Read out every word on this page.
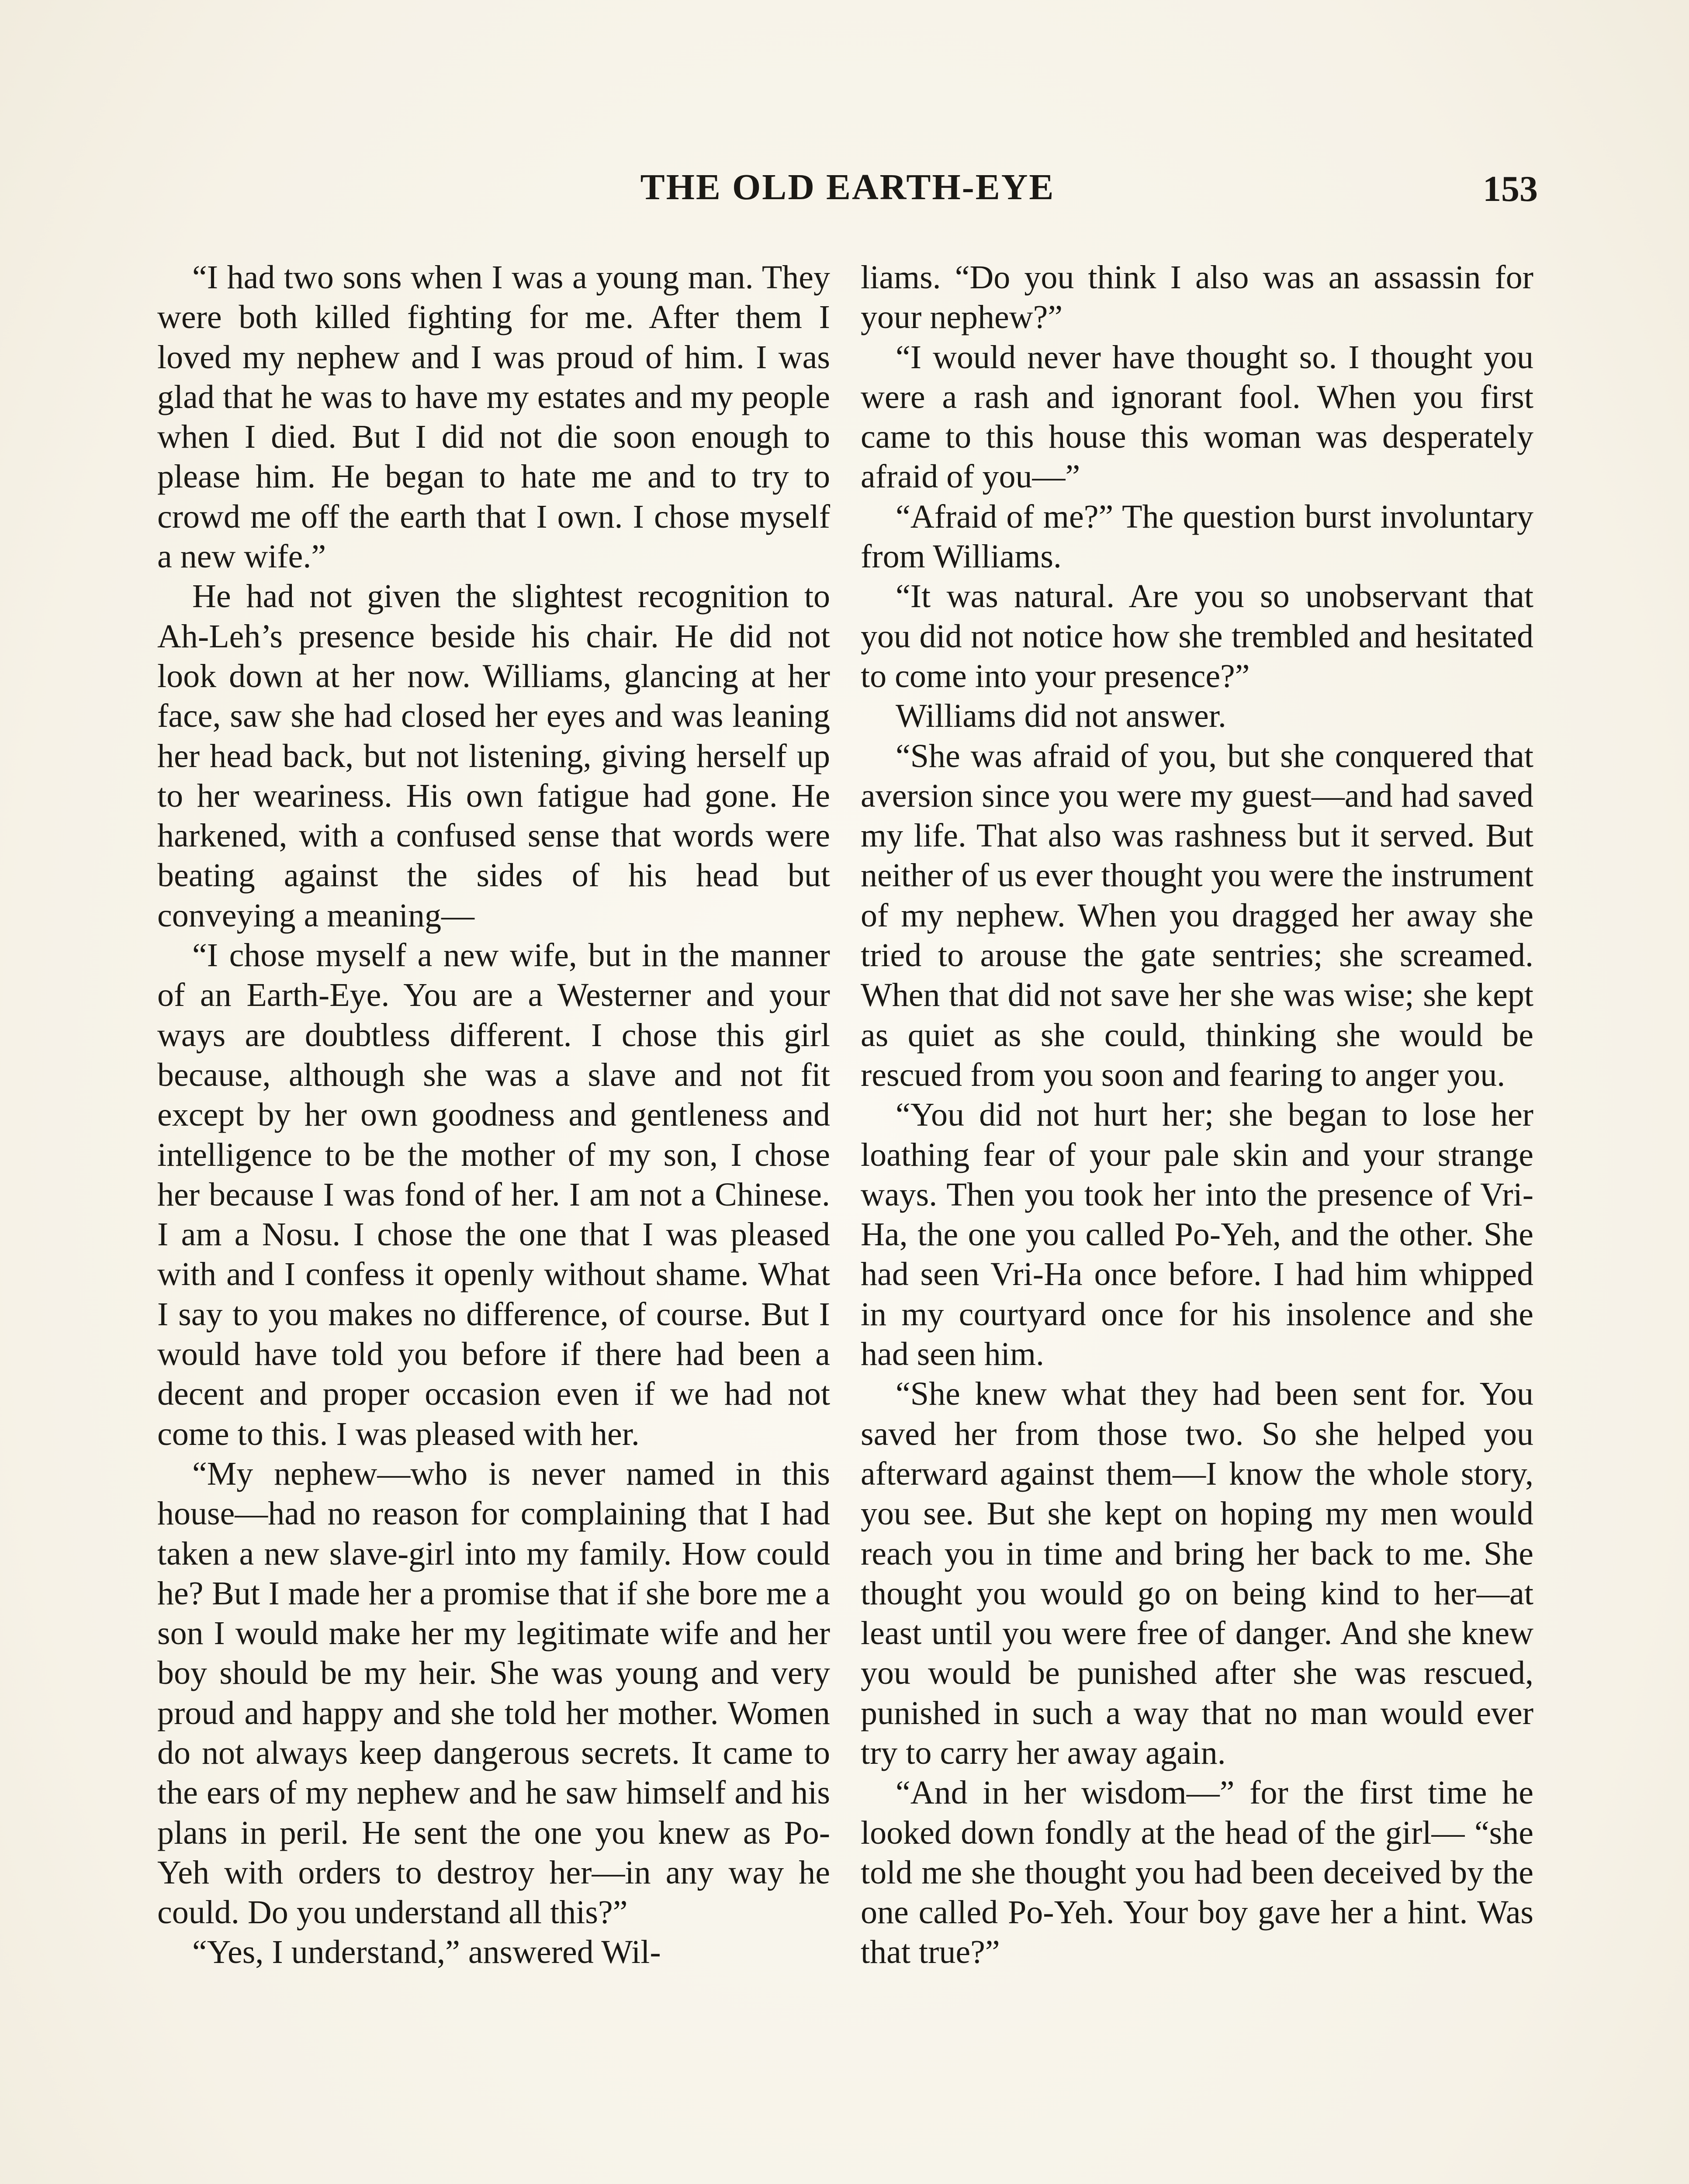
THE OLD EARTH-EYE	153

“I had two sons when I was a young man. They were both killed fighting for me. After them I loved my nephew and I was proud of him. I was glad that he was to have my estates and my people when I died. But I did not die soon enough to please him. He began to hate me and to try to crowd me off the earth that I own. I chose myself a new wife.”

He had not given the slightest recognition to Ah-Leh’s presence beside his chair. He did not look down at her now. Williams, glancing at her face, saw she had closed her eyes and was leaning her head back, but not listening, giving herself up to her weariness. His own fatigue had gone. He harkened, with a confused sense that words were beating against the sides of his head but conveying a meaning—

“I chose myself a new wife, but in the manner of an Earth-Eye. You are a Westerner and your ways are doubtless different. I chose this girl because, although she was a slave and not fit except by her own goodness and gentleness and intelligence to be the mother of my son, I chose her because I was fond of her. I am not a Chinese. I am a Nosu. I chose the one that I was pleased with and I confess it openly without shame. What I say to you makes no difference, of course. But I would have told you before if there had been a decent and proper occasion even if we had not come to this. I was pleased with her.

“My nephew—who is never named in this house—had no reason for complaining that I had taken a new slave-girl into my family. How could he? But I made her a promise that if she bore me a son I would make her my legitimate wife and her boy should be my heir. She was young and very proud and happy and she told her mother. Women do not always keep dangerous secrets. It came to the ears of my nephew and he saw himself and his plans in peril. He sent the one you knew as Po-Yeh with orders to destroy her—in any way he could. Do you understand all this?”

“Yes, I understand,” answered Wil-

liams. “Do you think I also was an assassin for your nephew?”

“I would never have thought so. I thought you were a rash and ignorant fool. When you first came to this house this woman was desperately afraid of you—”

“Afraid of me?” The question burst involuntary from Williams.

“It was natural. Are you so unobservant that you did not notice how she trembled and hesitated to come into your presence?”

Williams did not answer.

“She was afraid of you, but she conquered that aversion since you were my guest—and had saved my life. That also was rashness but it served. But neither of us ever thought you were the instrument of my nephew. When you dragged her away she tried to arouse the gate sentries; she screamed. When that did not save her she was wise; she kept as quiet as she could, thinking she would be rescued from you soon and fearing to anger you.

“You did not hurt her; she began to lose her loathing fear of your pale skin and your strange ways. Then you took her into the presence of Vri-Ha, the one you called Po-Yeh, and the other. She had seen Vri-Ha once before. I had him whipped in my courtyard once for his insolence and she had seen him.

“She knew what they had been sent for. You saved her from those two. So she helped you afterward against them—I know the whole story, you see. But she kept on hoping my men would reach you in time and bring her back to me. She thought you would go on being kind to her—at least until you were free of danger. And she knew you would be punished after she was rescued, punished in such a way that no man would ever try to carry her away again.

“And in her wisdom—” for the first time he looked down fondly at the head of the girl— “she told me she thought you had been deceived by the one called Po-Yeh. Your boy gave her a hint. Was that true?”
